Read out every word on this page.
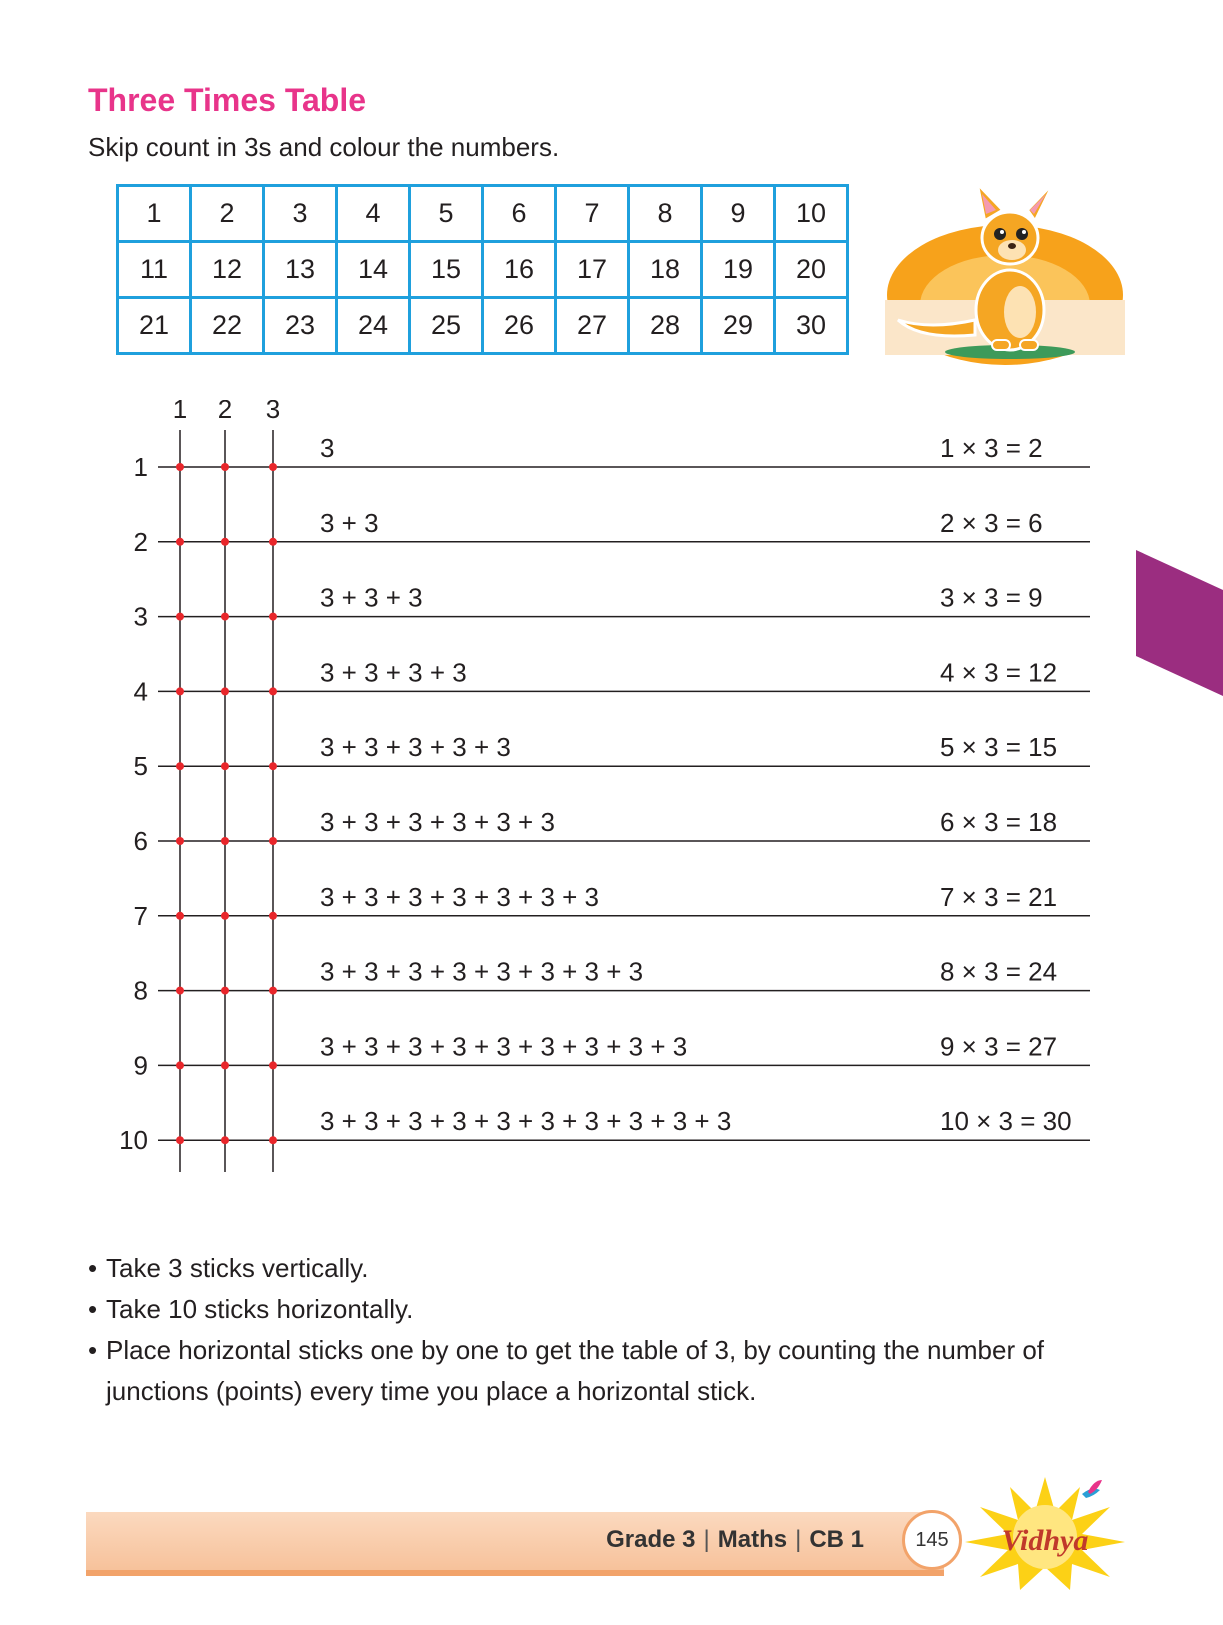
Three Times Table

Skip count in 3s and colour the numbers.

1	2	3	4	5	6	7	8	9	10
11	12	13	14	15	16	17	18	19	20
21	22	23	24	25	26	27	28	29	30
1 2 3
1
3	1 × 3 = 2
2
3 + 3	2 × 3 = 6
3
3 + 3 + 3	3 × 3 = 9
4
3 + 3 + 3 + 3	4 × 3 = 12
5
3 + 3 + 3 + 3 + 3	5 × 3 = 15
6
3 + 3 + 3 + 3 + 3 + 3	6 × 3 = 18
7
3 + 3 + 3 + 3 + 3 + 3 + 3	7 × 3 = 21
8
3 + 3 + 3 + 3 + 3 + 3 + 3 + 3	8 × 3 = 24
9
3 + 3 + 3 + 3 + 3 + 3 + 3 + 3 + 3	9 × 3 = 27
10
3 + 3 + 3 + 3 + 3 + 3 + 3 + 3 + 3 + 3	10 × 3 = 30
• Take 3 sticks vertically.
• Take 10 sticks horizontally.
• Place horizontal sticks one by one to get the table of 3, by counting the number of junctions (points) every time you place a horizontal stick.
Grade 3 | Maths | CB 1	145	Vidhya
